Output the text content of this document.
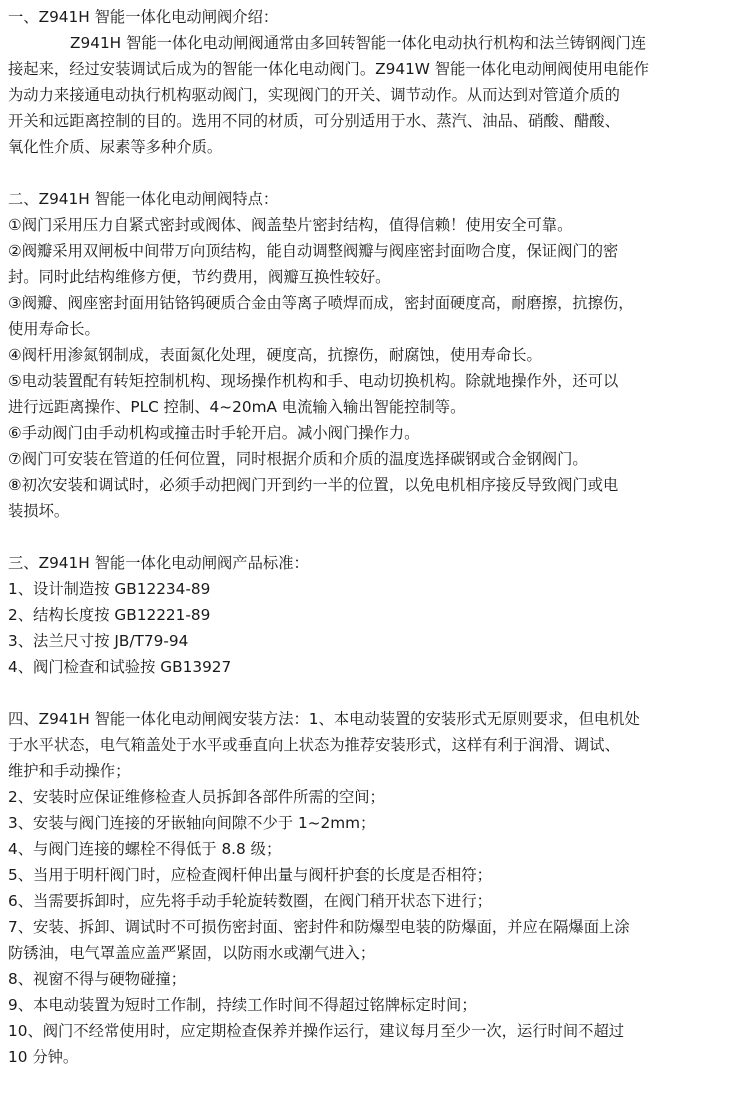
一、Z941H 智能一体化电动闸阀介绍：
Z941H 智能一体化电动闸阀通常由多回转智能一体化电动执行机构和法兰铸钢阀门连
接起来，经过安装调试后成为的智能一体化电动阀门。Z941W 智能一体化电动闸阀使用电能作
为动力来接通电动执行机构驱动阀门，实现阀门的开关、调节动作。从而达到对管道介质的
开关和远距离控制的目的。选用不同的材质，可分别适用于水、蒸汽、油品、硝酸、醋酸、
氧化性介质、尿素等多种介质。
二、Z941H 智能一体化电动闸阀特点：
①阀门采用压力自紧式密封或阀体、阀盖垫片密封结构，值得信赖！使用安全可靠。
②阀瓣采用双闸板中间带万向顶结构，能自动调整阀瓣与阀座密封面吻合度，保证阀门的密
封。同时此结构维修方便，节约费用，阀瓣互换性较好。
③阀瓣、阀座密封面用钴铬钨硬质合金由等离子喷焊而成，密封面硬度高，耐磨擦，抗擦伤，
使用寿命长。
④阀杆用渗氮钢制成，表面氮化处理，硬度高，抗擦伤，耐腐蚀，使用寿命长。
⑤电动装置配有转矩控制机构、现场操作机构和手、电动切换机构。除就地操作外，还可以
进行远距离操作、PLC 控制、4~20mA 电流输入输出智能控制等。
⑥手动阀门由手动机构或撞击时手轮开启。减小阀门操作力。
⑦阀门可安装在管道的任何位置，同时根据介质和介质的温度选择碳钢或合金钢阀门。
⑧初次安装和调试时，必须手动把阀门开到约一半的位置，以免电机相序接反导致阀门或电
装损坏。
三、Z941H 智能一体化电动闸阀产品标准：
1、设计制造按 GB12234-89
2、结构长度按 GB12221-89
3、法兰尺寸按 JB/T79-94
4、阀门检查和试验按 GB13927
四、Z941H 智能一体化电动闸阀安装方法：1、本电动装置的安装形式无原则要求，但电机处
于水平状态，电气箱盖处于水平或垂直向上状态为推荐安装形式，这样有利于润滑、调试、
维护和手动操作；
2、安装时应保证维修检查人员拆卸各部件所需的空间；
3、安装与阀门连接的牙嵌轴向间隙不少于 1~2mm；
4、与阀门连接的螺栓不得低于 8.8 级；
5、当用于明杆阀门时，应检查阀杆伸出量与阀杆护套的长度是否相符；
6、当需要拆卸时，应先将手动手轮旋转数圈，在阀门稍开状态下进行；
7、安装、拆卸、调试时不可损伤密封面、密封件和防爆型电装的防爆面，并应在隔爆面上涂
防锈油，电气罩盖应盖严紧固，以防雨水或潮气进入；
8、视窗不得与硬物碰撞；
9、本电动装置为短时工作制，持续工作时间不得超过铭牌标定时间；
10、阀门不经常使用时，应定期检查保养并操作运行，建议每月至少一次，运行时间不超过
10 分钟。
